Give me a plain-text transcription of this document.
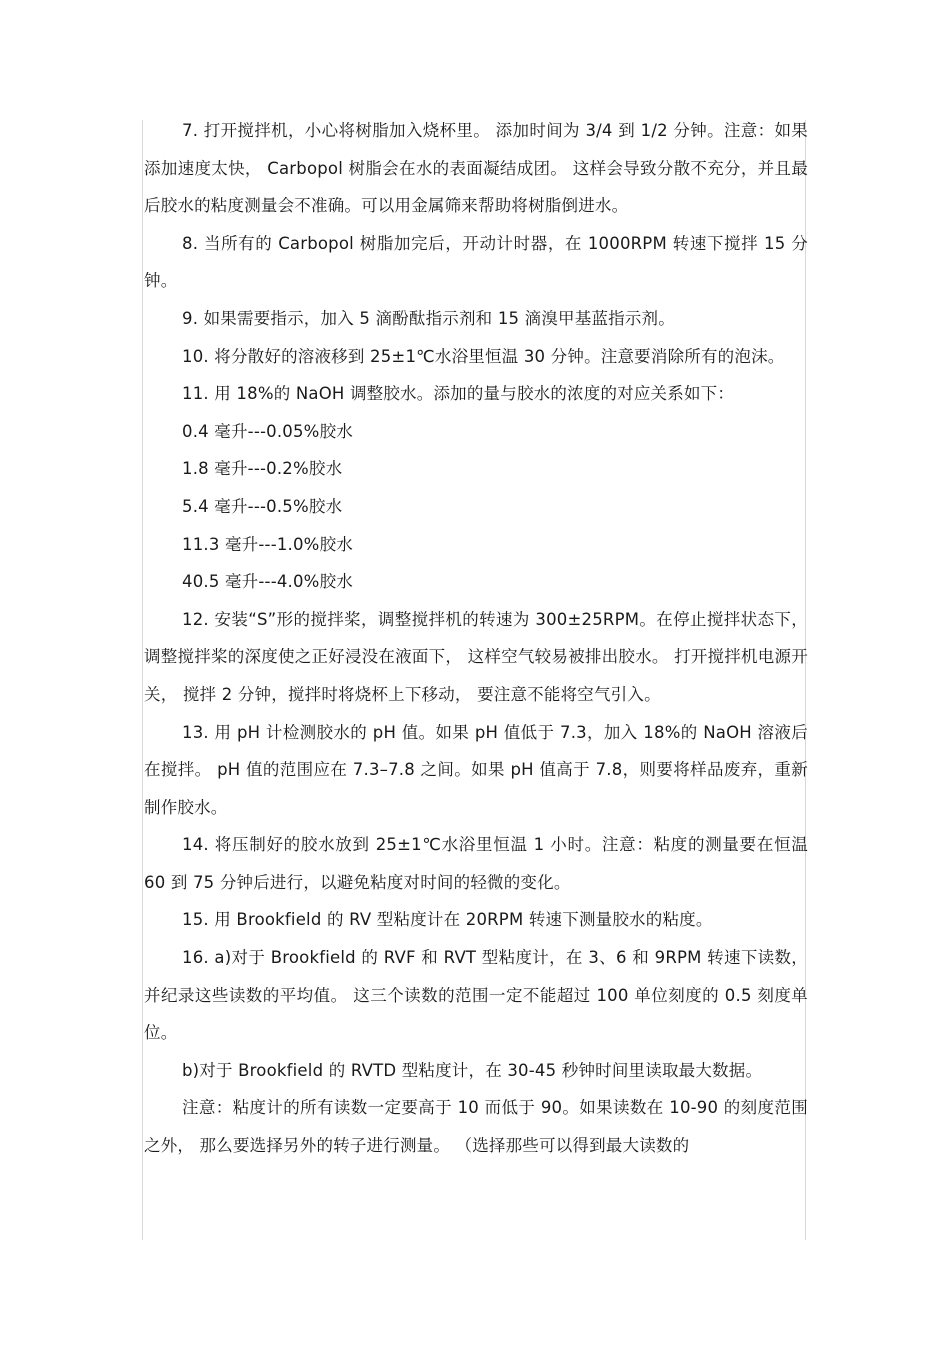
7. 打开搅拌机，小心将树脂加入烧杯里。 添加时间为 3/4 到 1/2 分钟。注意：如果添加速度太快， Carbopol 树脂会在水的表面凝结成团。 这样会导致分散不充分，并且最后胶水的粘度测量会不准确。可以用金属筛来帮助将树脂倒进水。

8. 当所有的 Carbopol 树脂加完后，开动计时器，在 1000RPM 转速下搅拌 15 分钟。

9. 如果需要指示，加入 5 滴酚酞指示剂和 15 滴溴甲基蓝指示剂。

10. 将分散好的溶液移到 25±1℃水浴里恒温 30 分钟。注意要消除所有的泡沫。

11. 用 18%的 NaOH 调整胶水。添加的量与胶水的浓度的对应关系如下：

0.4 毫升---0.05%胶水

1.8 毫升---0.2%胶水

5.4 毫升---0.5%胶水

11.3 毫升---1.0%胶水

40.5 毫升---4.0%胶水

12. 安装“S”形的搅拌桨，调整搅拌机的转速为 300±25RPM。在停止搅拌状态下，调整搅拌桨的深度使之正好浸没在液面下， 这样空气较易被排出胶水。 打开搅拌机电源开关， 搅拌 2 分钟，搅拌时将烧杯上下移动， 要注意不能将空气引入。

13. 用 pH 计检测胶水的 pH 值。如果 pH 值低于 7.3，加入 18%的 NaOH 溶液后在搅拌。 pH 值的范围应在 7.3–7.8 之间。如果 pH 值高于 7.8，则要将样品废弃，重新制作胶水。

14. 将压制好的胶水放到 25±1℃水浴里恒温 1 小时。注意：粘度的测量要在恒温 60 到 75 分钟后进行，以避免粘度对时间的轻微的变化。

15. 用 Brookfield 的 RV 型粘度计在 20RPM 转速下测量胶水的粘度。

16. a)对于 Brookfield 的 RVF 和 RVT 型粘度计，在 3、6 和 9RPM 转速下读数，并纪录这些读数的平均值。 这三个读数的范围一定不能超过 100 单位刻度的 0.5 刻度单位。

b)对于 Brookfield 的 RVTD 型粘度计，在 30-45 秒钟时间里读取最大数据。

注意：粘度计的所有读数一定要高于 10 而低于 90。如果读数在 10-90 的刻度范围之外， 那么要选择另外的转子进行测量。 （选择那些可以得到最大读数的
